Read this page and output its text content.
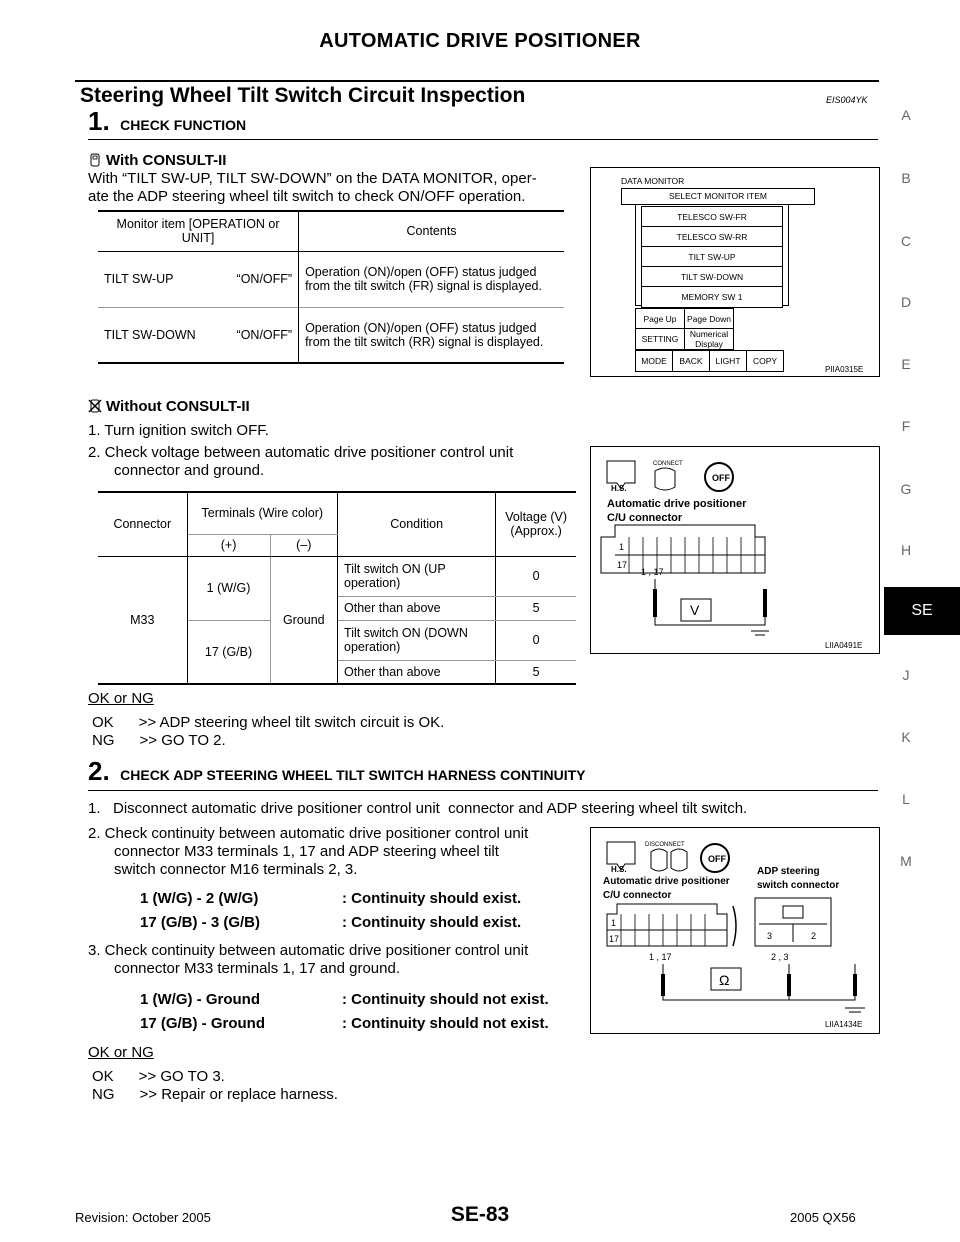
AUTOMATIC DRIVE POSITIONER
Steering Wheel Tilt Switch Circuit Inspection	EIS004YK
A
B
C
D
E
F
G
H
SE
J
K
L
M
1. CHECK FUNCTION
With CONSULT-II
With “TILT SW-UP, TILT SW-DOWN” on the DATA MONITOR, oper-
ate the ADP steering wheel tilt switch to check ON/OFF operation.
Monitor item [OPERATION or UNIT]		Contents
TILT SW-UP	“ON/OFF”	Operation (ON)/open (OFF) status judged from the tilt switch (FR) signal is displayed.
TILT SW-DOWN	“ON/OFF”	Operation (ON)/open (OFF) status judged from the tilt switch (RR) signal is displayed.
DATA MONITOR
SELECT MONITOR ITEM
TELESCO SW-FR
TELESCO SW-RR
TILT SW-UP
TILT SW-DOWN
MEMORY SW 1
Page Up	Page Down
SETTING	Numerical Display
MODE	BACK	LIGHT	COPY
PIIA0315E
Without CONSULT-II
1. Turn ignition switch OFF.
2. Check voltage between automatic drive positioner control unit
connector and ground.
Connector	Terminals (Wire color)		Condition	Voltage (V) (Approx.)
	(+)	(–)		
M33	1 (W/G)	Ground	Tilt switch ON (UP operation)	0
			Other than above	5
	17 (G/B)		Tilt switch ON (DOWN operation)	0
			Other than above	5
H.S.
CONNECT
OFF
Automatic drive positioner
C/U connector
1
17
1 , 17
V
LIIA0491E
OK or NG
OK      >> ADP steering wheel tilt switch circuit is OK.
NG      >> GO TO 2.
2. CHECK ADP STEERING WHEEL TILT SWITCH HARNESS CONTINUITY
1.   Disconnect automatic drive positioner control unit  connector and ADP steering wheel tilt switch.
2. Check continuity between automatic drive positioner control unit
connector M33 terminals 1, 17 and ADP steering wheel tilt
switch connector M16 terminals 2, 3.
1 (W/G) - 2 (W/G)	: Continuity should exist.
17 (G/B) - 3 (G/B)	: Continuity should exist.
3. Check continuity between automatic drive positioner control unit
connector M33 terminals 1, 17 and ground.
1 (W/G) - Ground	: Continuity should not exist.
17 (G/B) - Ground	: Continuity should not exist.
H.S.
DISCONNECT
OFF
Automatic drive positioner
C/U connector
ADP steering
switch connector
1
17	3	2
1 , 17	2 , 3
Ω
LIIA1434E
OK or NG
OK      >> GO TO 3.
NG      >> Repair or replace harness.
Revision: October 2005	SE-83	2005 QX56
